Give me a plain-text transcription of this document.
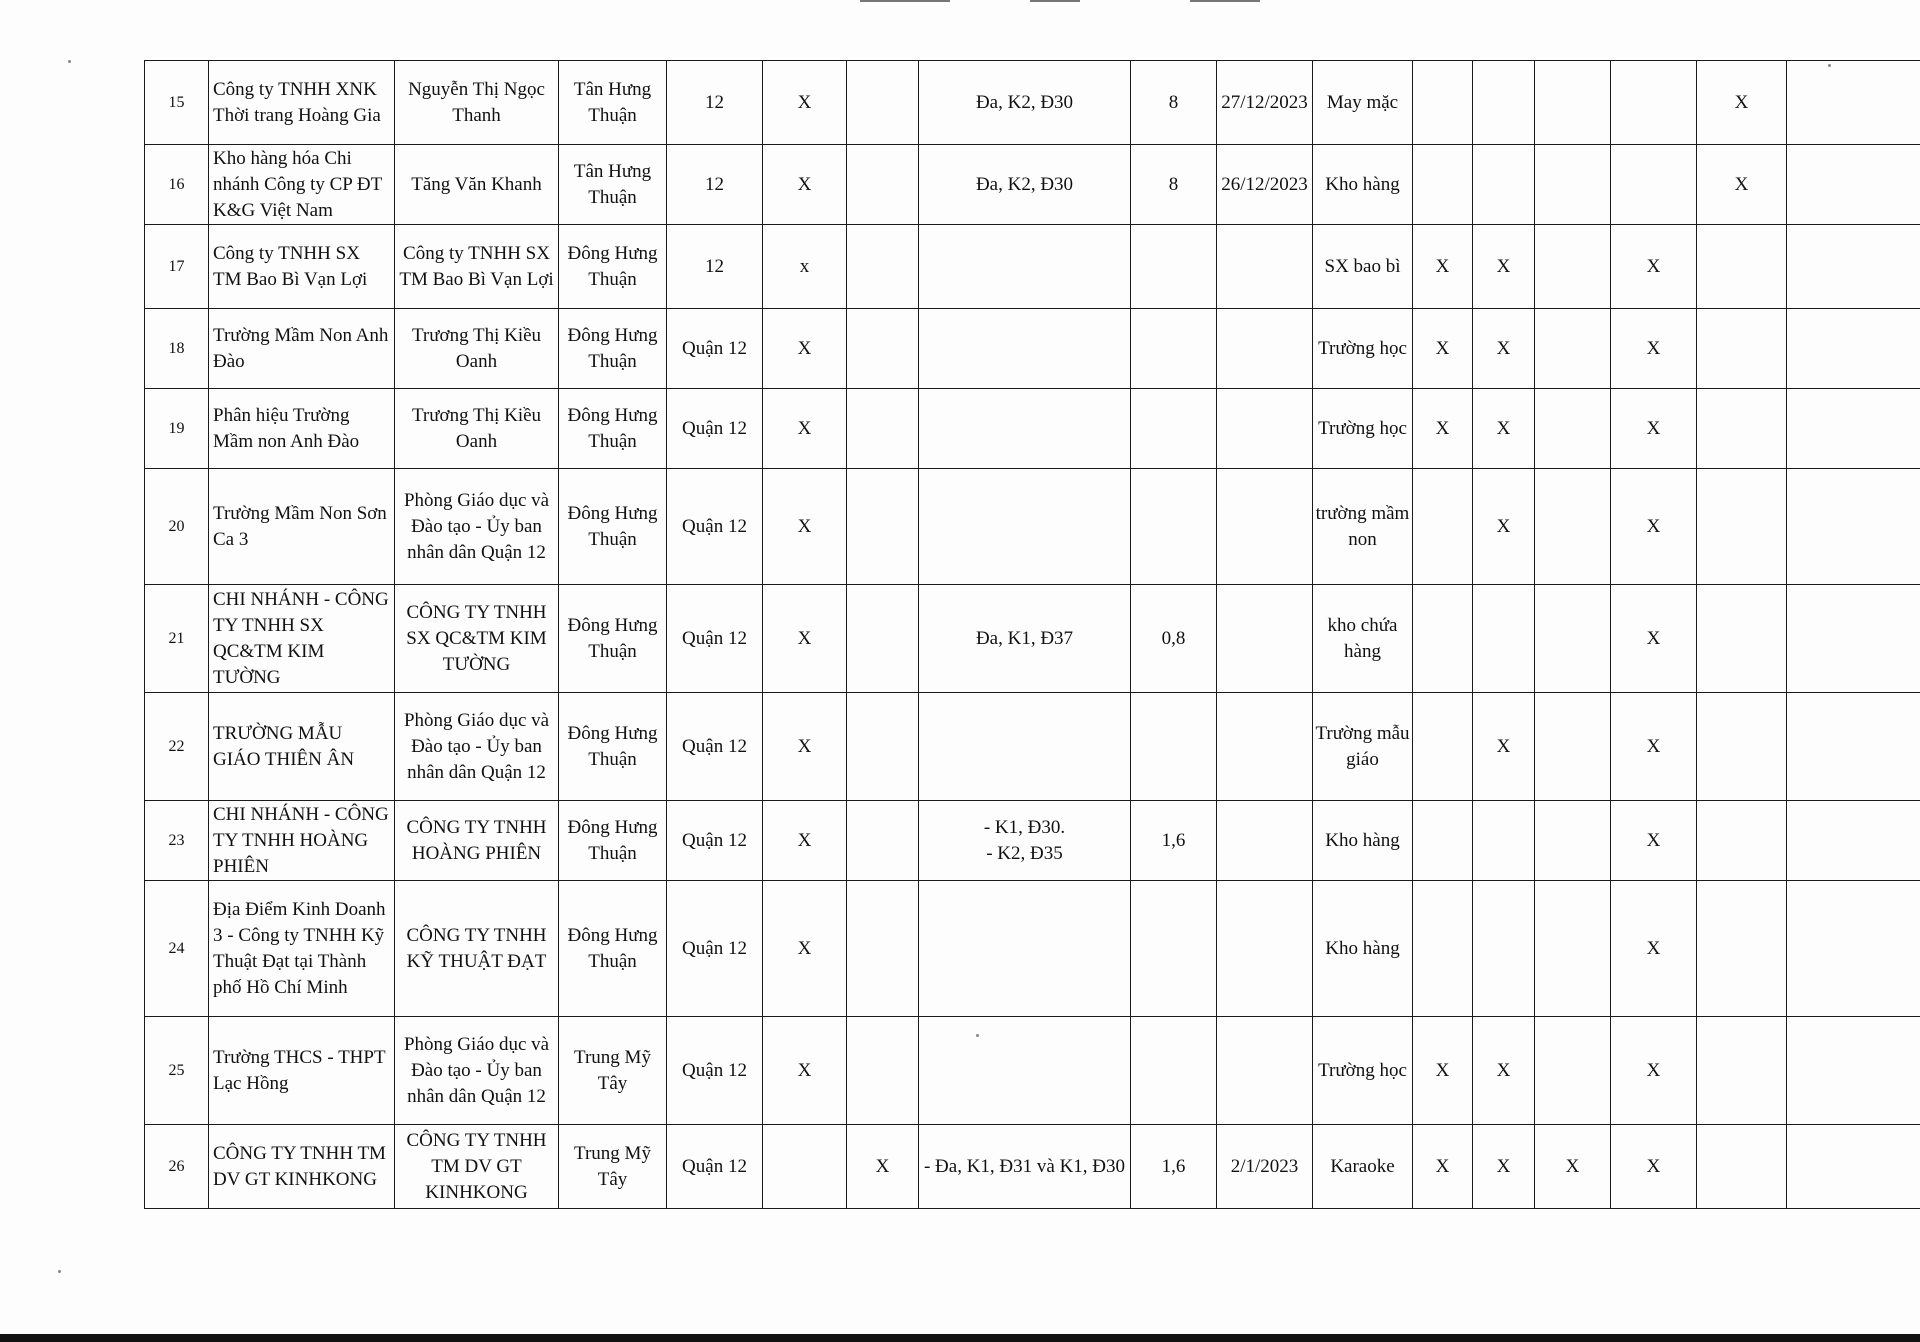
15	Công ty TNHH XNK Thời trang Hoàng Gia	Nguyễn Thị Ngọc Thanh	Tân Hưng Thuận	12	X		Đa, K2, Đ30	8	27/12/2023	May mặc					X	
16	Kho hàng hóa Chi nhánh Công ty CP ĐT K&G Việt Nam	Tăng Văn Khanh	Tân Hưng Thuận	12	X		Đa, K2, Đ30	8	26/12/2023	Kho hàng					X	
17	Công ty TNHH SX TM Bao Bì Vạn Lợi	Công ty TNHH SX TM Bao Bì Vạn Lợi	Đông Hưng Thuận	12	x					SX bao bì	X	X		X		
18	Trường Mầm Non Anh Đào	Trương Thị Kiều Oanh	Đông Hưng Thuận	Quận 12	X					Trường học	X	X		X		
19	Phân hiệu Trường Mầm non Anh Đào	Trương Thị Kiều Oanh	Đông Hưng Thuận	Quận 12	X					Trường học	X	X		X		
20	Trường Mầm Non Sơn Ca 3	Phòng Giáo dục và Đào tạo - Ủy ban nhân dân Quận 12	Đông Hưng Thuận	Quận 12	X					trường mầm non		X		X		
21	CHI NHÁNH - CÔNG TY TNHH SX QC&TM KIM TƯỜNG	CÔNG TY TNHH SX QC&TM KIM TƯỜNG	Đông Hưng Thuận	Quận 12	X		Đa, K1, Đ37	0,8		kho chứa hàng				X		
22	TRƯỜNG MẪU GIÁO THIÊN ÂN	Phòng Giáo dục và Đào tạo - Ủy ban nhân dân Quận 12	Đông Hưng Thuận	Quận 12	X					Trường mẫu giáo		X		X		
23	CHI NHÁNH - CÔNG TY TNHH HOÀNG PHIÊN	CÔNG TY TNHH HOÀNG PHIÊN	Đông Hưng Thuận	Quận 12	X		- K1, Đ30.
- K2, Đ35	1,6		Kho hàng				X		
24	Địa Điểm Kinh Doanh 3 - Công ty TNHH Kỹ Thuật Đạt tại Thành phố Hồ Chí Minh	CÔNG TY TNHH KỸ THUẬT ĐẠT	Đông Hưng Thuận	Quận 12	X					Kho hàng				X		
25	Trường THCS - THPT Lạc Hồng	Phòng Giáo dục và Đào tạo - Ủy ban nhân dân Quận 12	Trung Mỹ Tây	Quận 12	X					Trường học	X	X		X		
26	CÔNG TY TNHH TM DV GT KINHKONG	CÔNG TY TNHH TM DV GT KINHKONG	Trung Mỹ Tây	Quận 12		X	- Đa, K1, Đ31 và K1, Đ30	1,6	2/1/2023	Karaoke	X	X	X	X		
